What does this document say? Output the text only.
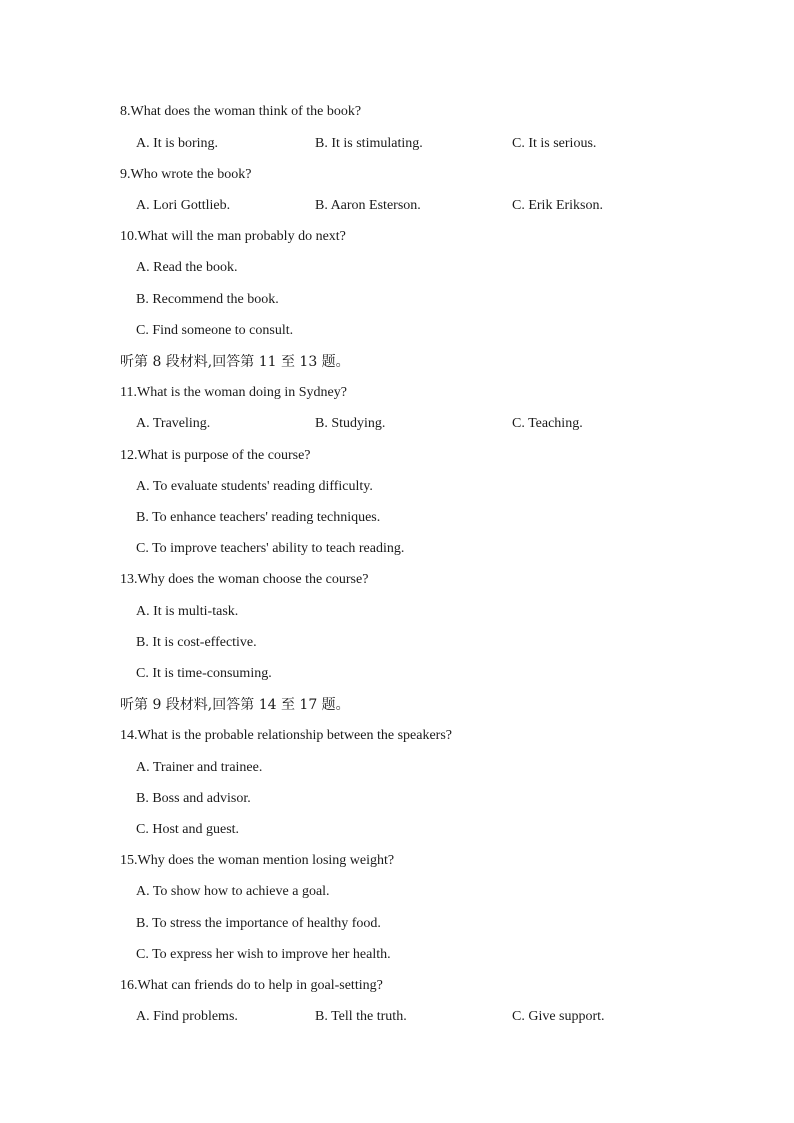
8.What does the woman think of the book?
A. It is boring.	B. It is stimulating.	C. It is serious.
9.Who wrote the book?
A. Lori Gottlieb.	B. Aaron Esterson.	C. Erik Erikson.
10.What will the man probably do next?
A. Read the book.
B. Recommend the book.
C. Find someone to consult.
听第 8 段材料,回答第 11 至 13 题。
11.What is the woman doing in Sydney?
A. Traveling.	B. Studying.	C. Teaching.
12.What is purpose of the course?
A. To evaluate students' reading difficulty.
B. To enhance teachers' reading techniques.
C. To improve teachers' ability to teach reading.
13.Why does the woman choose the course?
A. It is multi-task.
B. It is cost-effective.
C. It is time-consuming.
听第 9 段材料,回答第 14 至 17 题。
14.What is the probable relationship between the speakers?
A. Trainer and trainee.
B. Boss and advisor.
C. Host and guest.
15.Why does the woman mention losing weight?
A. To show how to achieve a goal.
B. To stress the importance of healthy food.
C. To express her wish to improve her health.
16.What can friends do to help in goal-setting?
A. Find problems.	B. Tell the truth.	C. Give support.
